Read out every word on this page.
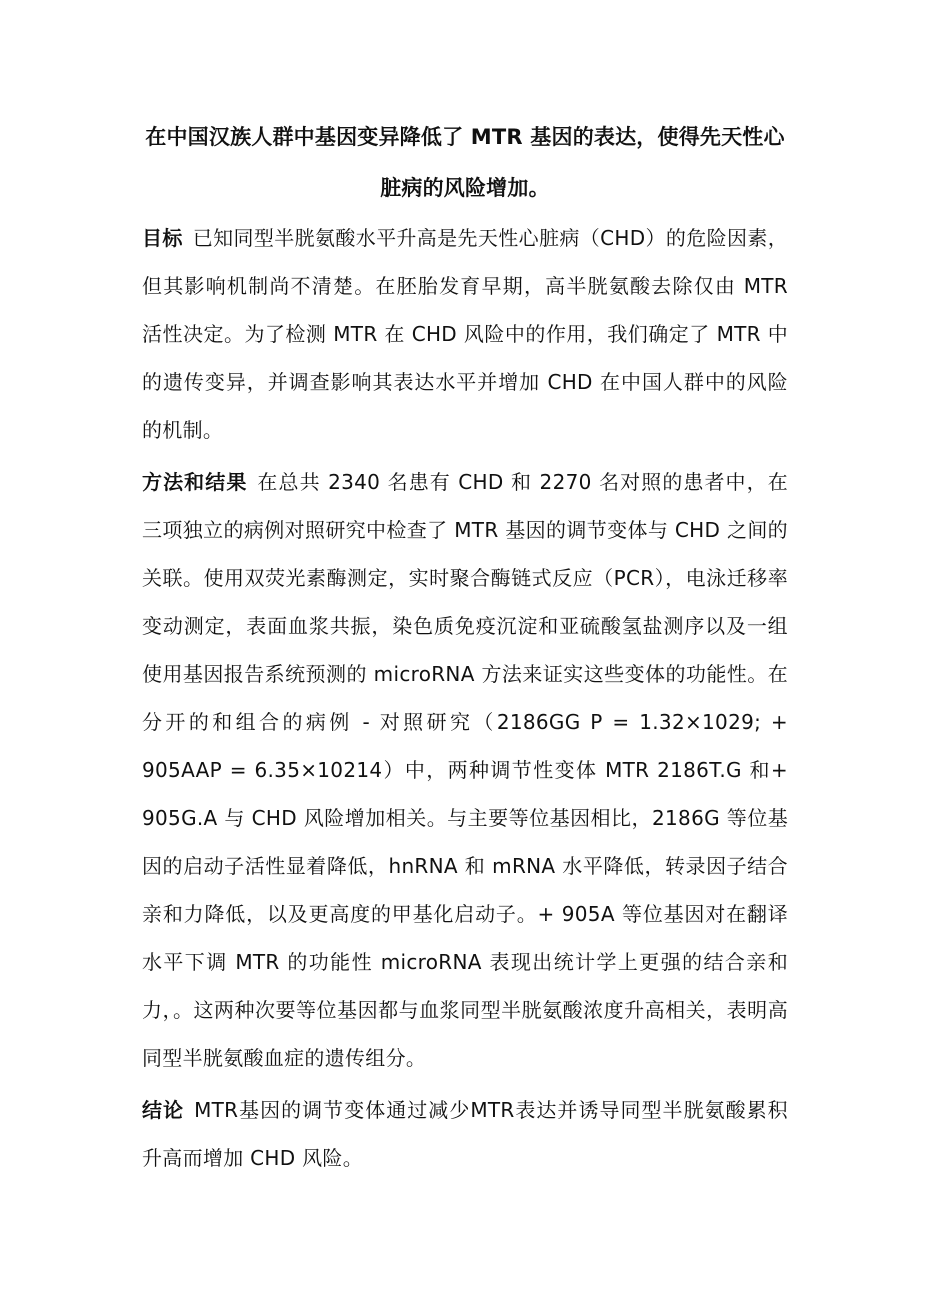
在中国汉族人群中基因变异降低了 MTR 基因的表达，使得先天性心脏病的风险增加。

目标 已知同型半胱氨酸水平升高是先天性心脏病（CHD）的危险因素，但其影响机制尚不清楚。在胚胎发育早期，高半胱氨酸去除仅由 MTR 活性决定。为了检测 MTR 在 CHD 风险中的作用，我们确定了 MTR 中的遗传变异，并调查影响其表达水平并增加 CHD 在中国人群中的风险的机制。

方法和结果 在总共 2340 名患有 CHD 和 2270 名对照的患者中，在三项独立的病例对照研究中检查了 MTR 基因的调节变体与 CHD 之间的关联。使用双荧光素酶测定，实时聚合酶链式反应（PCR），电泳迁移率变动测定，表面血浆共振，染色质免疫沉淀和亚硫酸氢盐测序以及一组使用基因报告系统预测的 microRNA 方法来证实这些变体的功能性。在分开的和组合的病例 - 对照研究（2186GG P = 1.32×1029; + 905AAP = 6.35×10214）中，两种调节性变体 MTR 2186T.G 和+ 905G.A 与 CHD 风险增加相关。与主要等位基因相比，2186G 等位基因的启动子活性显着降低，hnRNA 和 mRNA 水平降低，转录因子结合亲和力降低，以及更高度的甲基化启动子。+ 905A 等位基因对在翻译水平下调 MTR 的功能性 microRNA 表现出统计学上更强的结合亲和力，。这两种次要等位基因都与血浆同型半胱氨酸浓度升高相关，表明高同型半胱氨酸血症的遗传组分。

结论 MTR基因的调节变体通过减少MTR表达并诱导同型半胱氨酸累积升高而增加 CHD 风险。
